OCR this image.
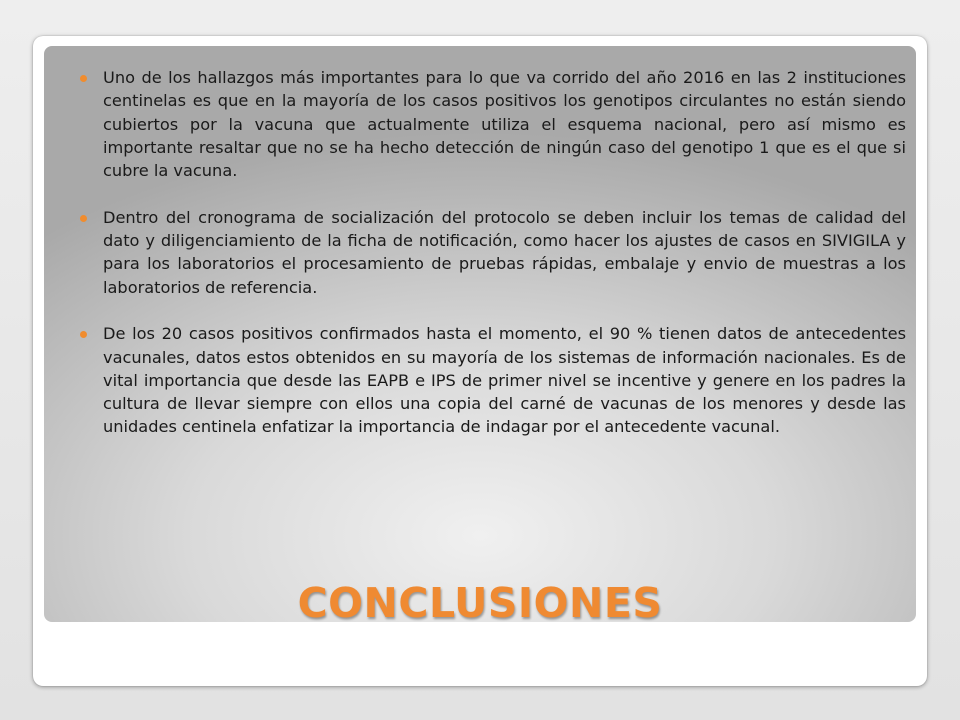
Uno de los hallazgos más importantes para lo que va corrido del año 2016 en las 2 instituciones centinelas es que en la mayoría de los casos positivos los genotipos circulantes no están siendo cubiertos por la vacuna que actualmente utiliza el esquema nacional, pero así mismo es importante resaltar que no se ha hecho detección de ningún caso del genotipo 1 que es el que si cubre la vacuna.
Dentro del cronograma de socialización del protocolo se deben incluir los temas de calidad del dato y diligenciamiento de la ficha de notificación, como hacer los ajustes de casos en SIVIGILA y para los laboratorios el procesamiento de pruebas rápidas, embalaje y envio de muestras a los laboratorios de referencia.
De los 20 casos positivos confirmados hasta el momento, el 90 % tienen datos de antecedentes vacunales, datos estos obtenidos en su mayoría de los sistemas de información nacionales. Es de vital importancia que desde las EAPB e IPS de primer nivel se incentive y genere en los padres la cultura de llevar siempre con ellos una copia del carné de vacunas de los menores y desde las unidades centinela enfatizar la importancia de indagar por el antecedente vacunal.
CONCLUSIONES
